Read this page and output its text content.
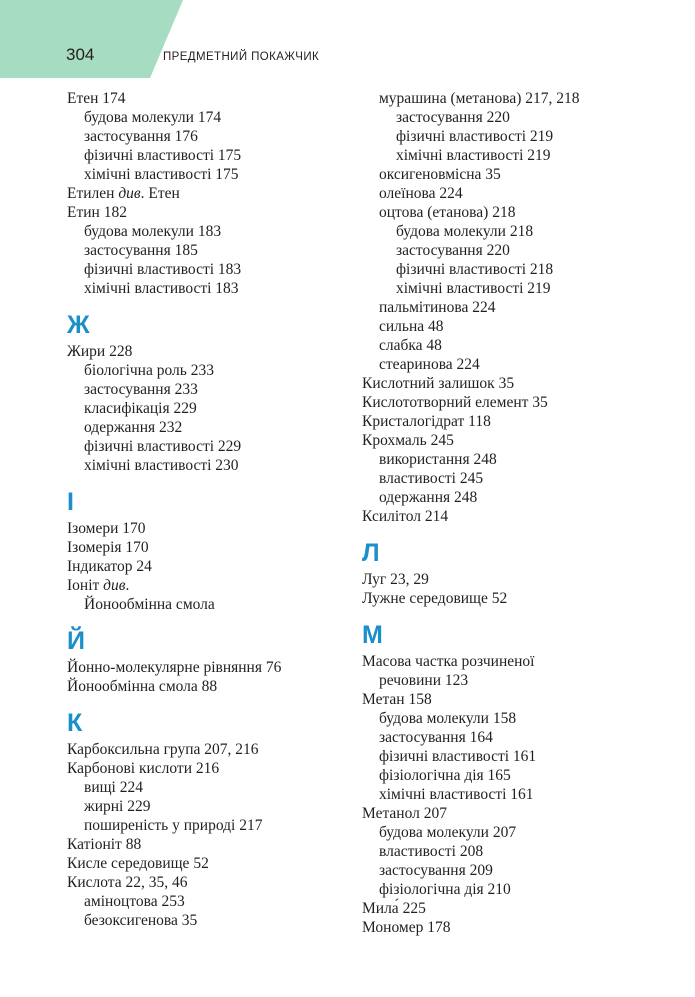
304	ПРЕДМЕТНИЙ ПОКАЖЧИК
Етен 174
будова молекули 174
застосування 176
фізичні властивості 175
хімічні властивості 175
Етилен див. Етен
Етин 182
будова молекули 183
застосування 185
фізичні властивості 183
хімічні властивості 183
Ж
Жири 228
біологічна роль 233
застосування 233
класифікація 229
одержання 232
фізичні властивості 229
хімічні властивості 230
І
Ізомери 170
Ізомерія 170
Індикатор 24
Іоніт див.
Йонообмінна смола
Й
Йонно-молекулярне рівняння 76
Йонообмінна смола 88
К
Карбоксильна група 207, 216
Карбонові кислоти 216
вищі 224
жирні 229
поширеність у природі 217
Катіоніт 88
Кисле середовище 52
Кислота 22, 35, 46
аміноцтова 253
безоксигенова 35
мурашина (метанова) 217, 218
застосування 220
фізичні властивості 219
хімічні властивості 219
оксигеновмісна 35
олеїнова 224
оцтова (етанова) 218
будова молекули 218
застосування 220
фізичні властивості 218
хімічні властивості 219
пальмітинова 224
сильна 48
слабка 48
стеаринова 224
Кислотний залишок 35
Кислототворний елемент 35
Кристалогідрат 118
Крохмаль 245
використання 248
властивості 245
одержання 248
Ксилітол 214
Л
Луг 23, 29
Лужне середовище 52
М
Масова частка розчиненої
речовини 123
Метан 158
будова молекули 158
застосування 164
фізичні властивості 161
фізіологічна дія 165
хімічні властивості 161
Метанол 207
будова молекули 207
властивості 208
застосування 209
фізіологічна дія 210
Мила́ 225
Мономер 178
